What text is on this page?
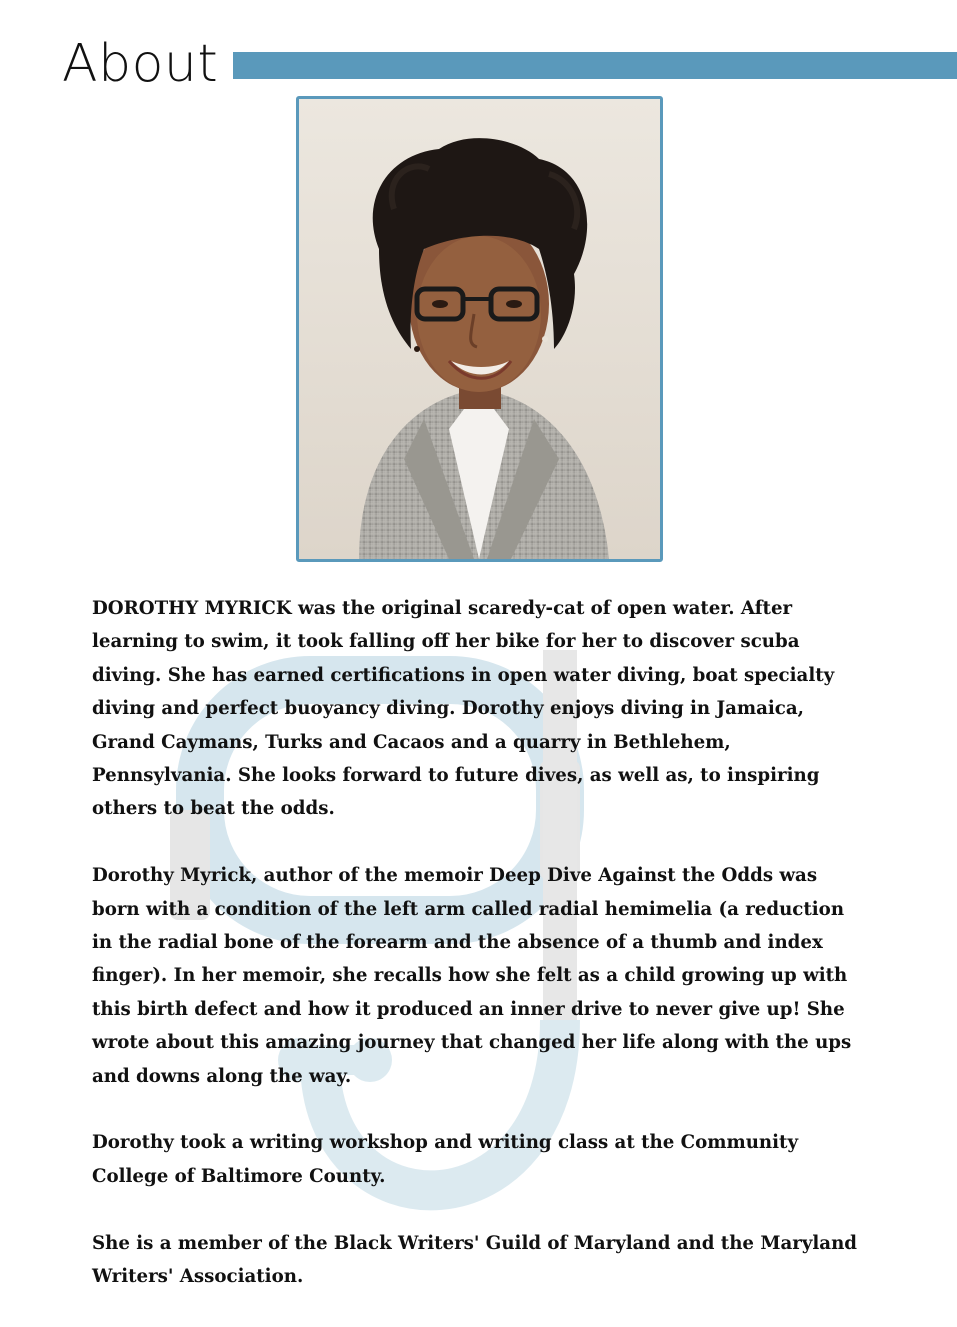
About

DOROTHY MYRICK was the original scaredy-cat of open water. After learning to swim, it took falling off her bike for her to discover scuba diving. She has earned certifications in open water diving, boat specialty diving and perfect buoyancy diving. Dorothy enjoys diving in Jamaica, Grand Caymans, Turks and Cacaos and a quarry in Bethlehem, Pennsylvania. She looks forward to future dives, as well as, to inspiring others to beat the odds.

Dorothy Myrick, author of the memoir Deep Dive Against the Odds was born with a condition of the left arm called radial hemimelia (a reduction in the radial bone of the forearm and the absence of a thumb and index finger). In her memoir, she recalls how she felt as a child growing up with this birth defect and how it produced an inner drive to never give up! She wrote about this amazing journey that changed her life along with the ups and downs along the way.

Dorothy took a writing workshop and writing class at the Community College of Baltimore County.

She is a member of the Black Writers' Guild of Maryland and the Maryland Writers' Association.
